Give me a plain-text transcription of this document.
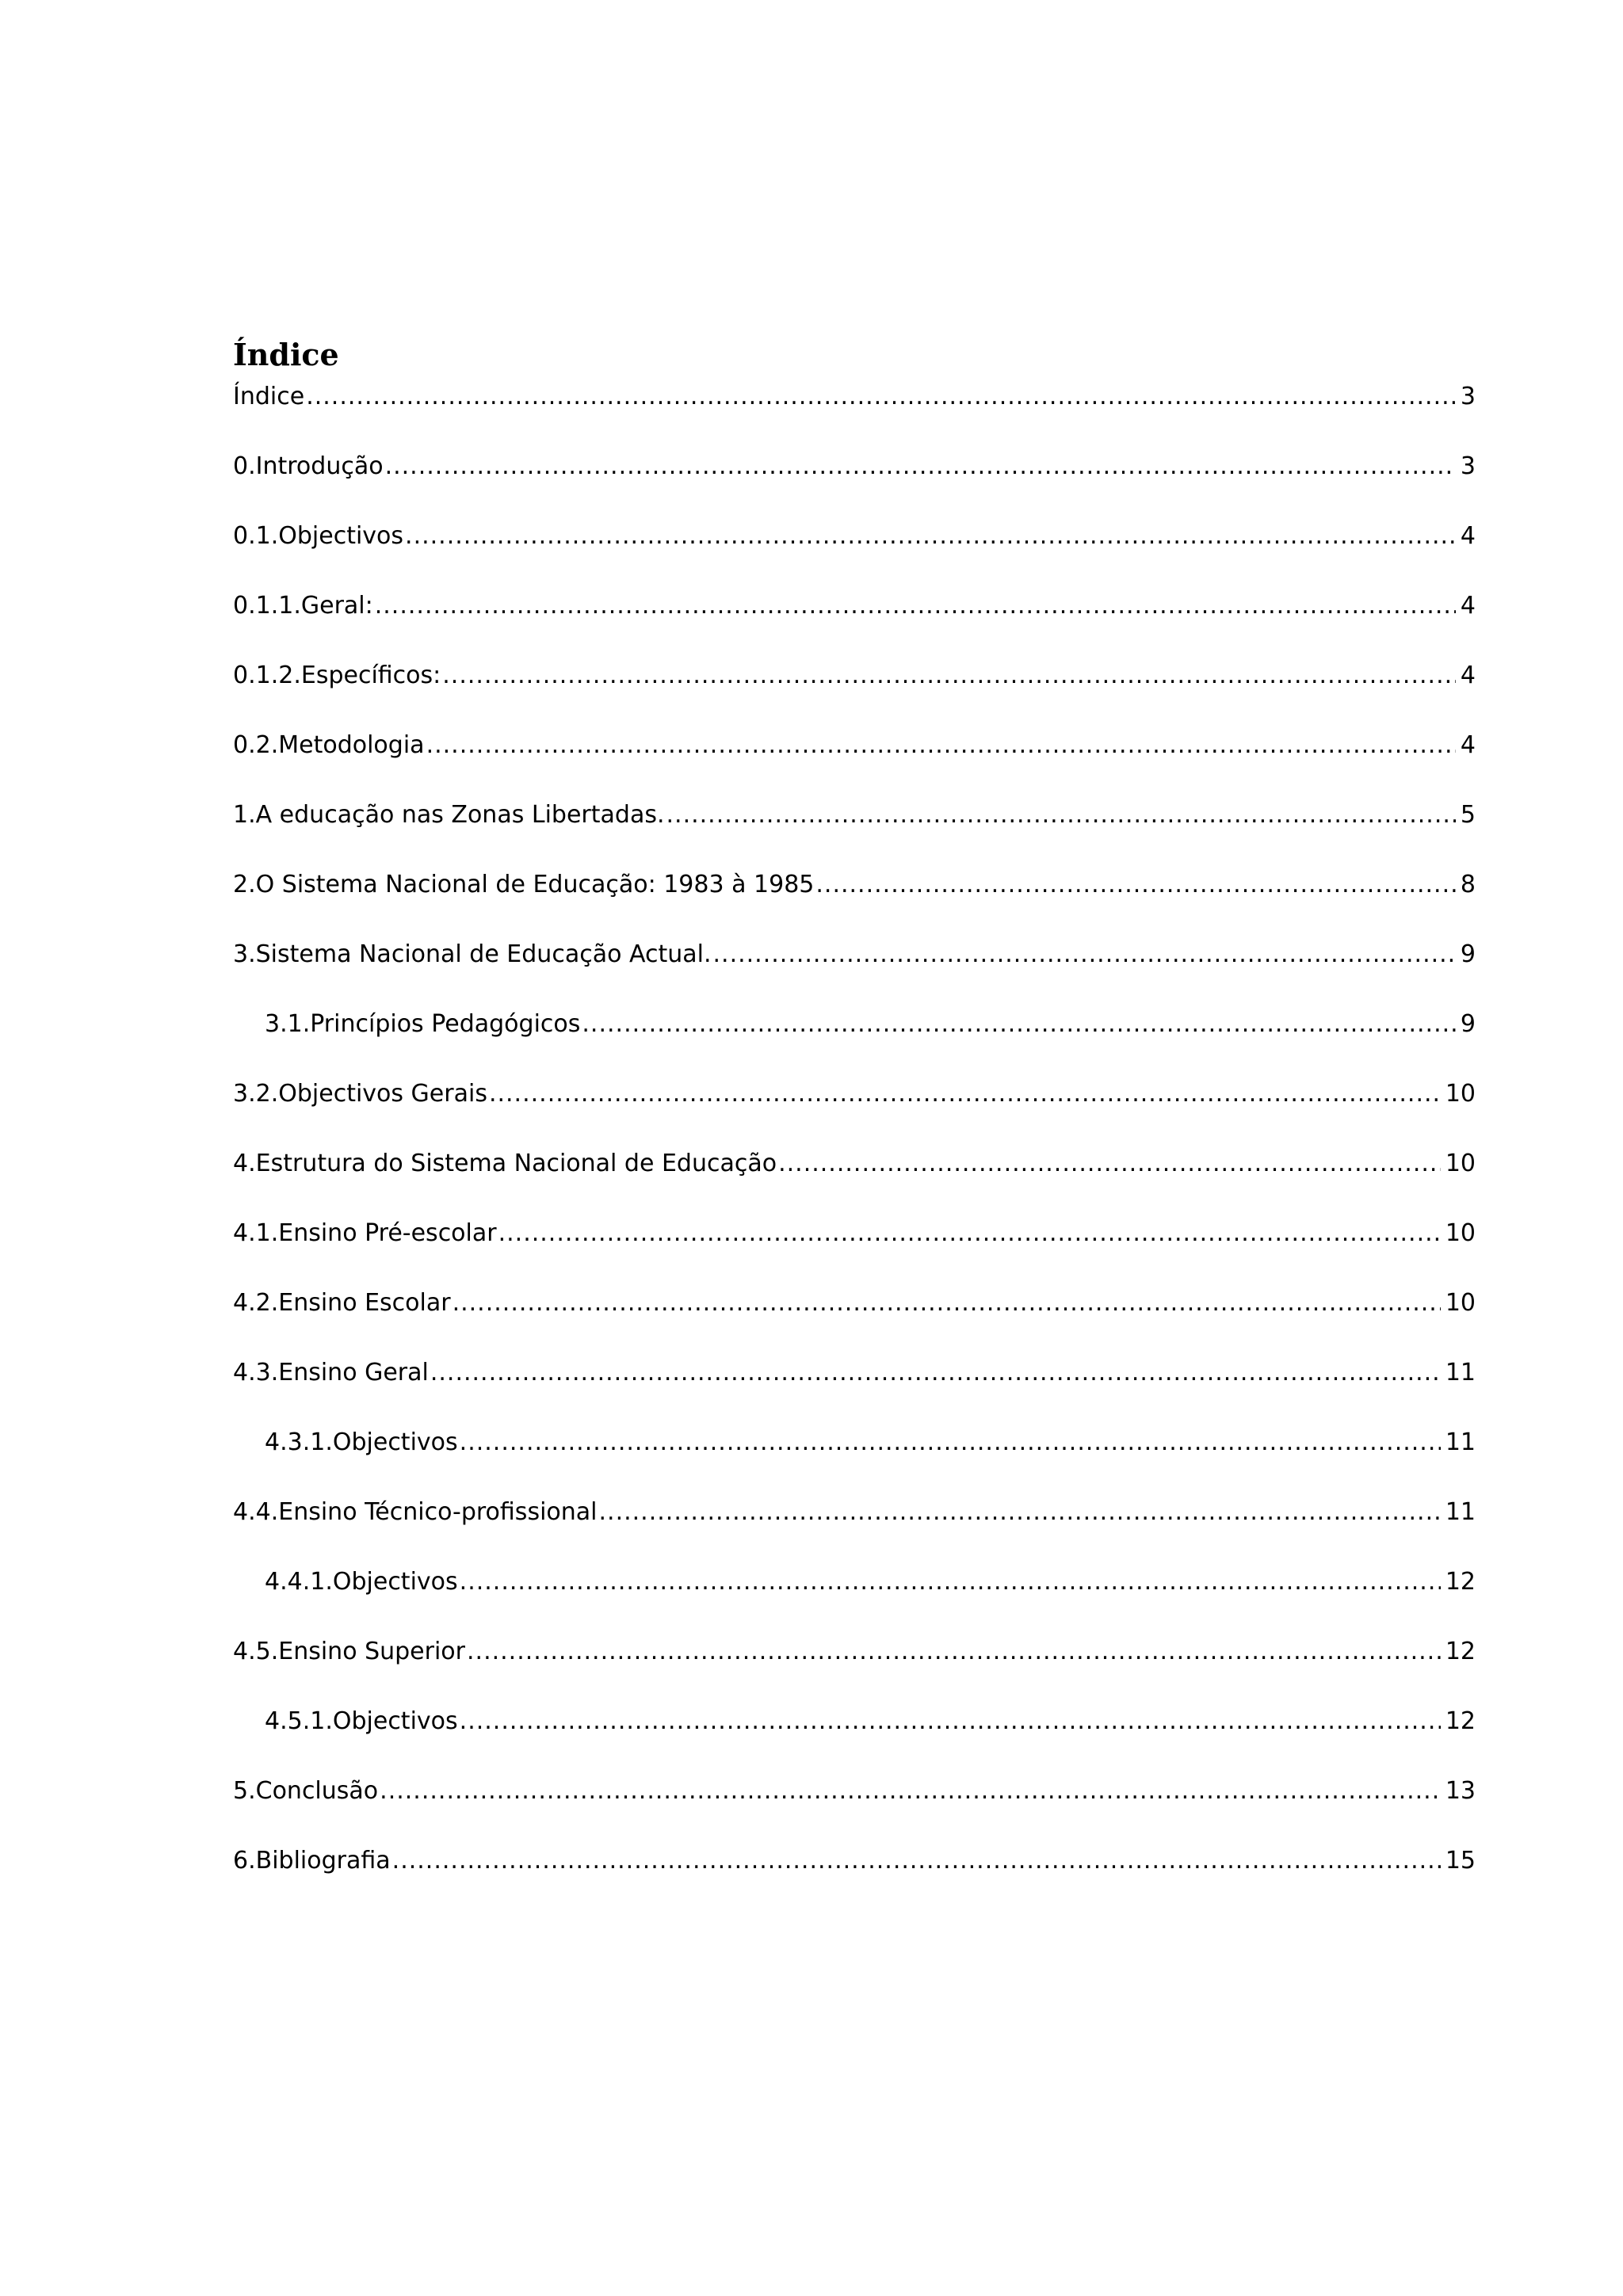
Índice
Índice .....	3
0.Introdução .....	3
0.1.Objectivos .....	4
0.1.1.Geral: .....	4
0.1.2.Específicos: .....	4
0.2.Metodologia .....	4
1.A educação nas Zonas Libertadas. .....	5
2.O Sistema Nacional de Educação: 1983 à 1985 .....	8
3.Sistema Nacional de Educação Actual. .....	9
3.1.Princípios Pedagógicos .....	9
3.2.Objectivos Gerais .....	10
4.Estrutura do Sistema Nacional de Educação .....	10
4.1.Ensino Pré-escolar .....	10
4.2.Ensino Escolar .....	10
4.3.Ensino Geral .....	11
4.3.1.Objectivos .....	11
4.4.Ensino Técnico-profissional .....	11
4.4.1.Objectivos .....	12
4.5.Ensino Superior .....	12
4.5.1.Objectivos .....	12
5.Conclusão .....	13
6.Bibliografia .....	15
